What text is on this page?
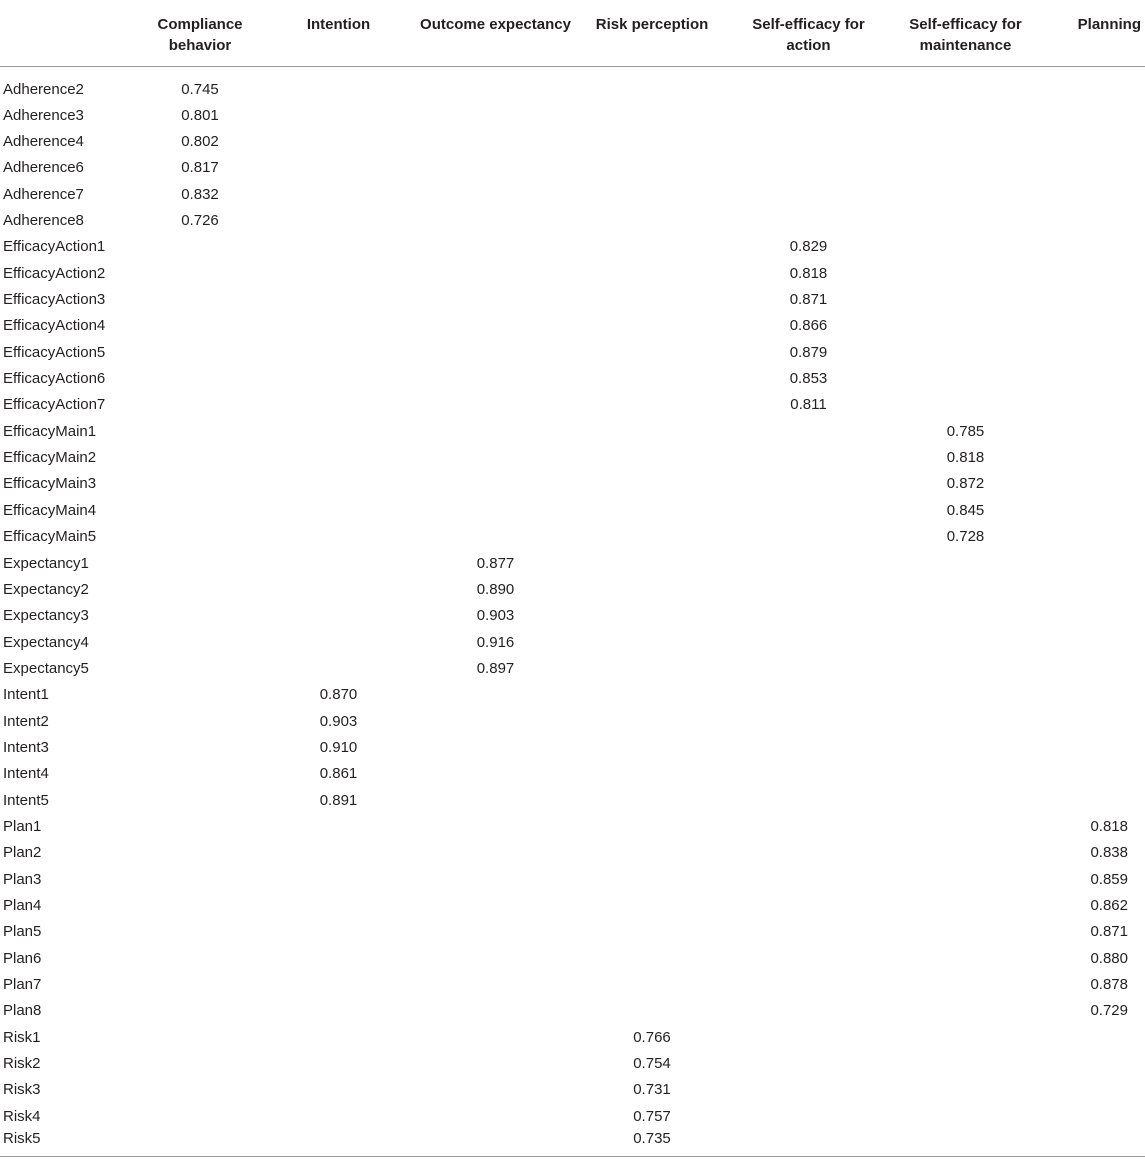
	Compliance behavior	Intention	Outcome expectancy	Risk perception	Self-efficacy for action	Self-efficacy for maintenance	Planning
Adherence2	0.745						
Adherence3	0.801						
Adherence4	0.802						
Adherence6	0.817						
Adherence7	0.832						
Adherence8	0.726						
EfficacyAction1					0.829		
EfficacyAction2					0.818		
EfficacyAction3					0.871		
EfficacyAction4					0.866		
EfficacyAction5					0.879		
EfficacyAction6					0.853		
EfficacyAction7					0.811		
EfficacyMain1						0.785	
EfficacyMain2						0.818	
EfficacyMain3						0.872	
EfficacyMain4						0.845	
EfficacyMain5						0.728	
Expectancy1			0.877				
Expectancy2			0.890				
Expectancy3			0.903				
Expectancy4			0.916				
Expectancy5			0.897				
Intent1		0.870					
Intent2		0.903					
Intent3		0.910					
Intent4		0.861					
Intent5		0.891					
Plan1							0.818
Plan2							0.838
Plan3							0.859
Plan4							0.862
Plan5							0.871
Plan6							0.880
Plan7							0.878
Plan8							0.729
Risk1				0.766			
Risk2				0.754			
Risk3				0.731			
Risk4				0.757			
Risk5				0.735			
